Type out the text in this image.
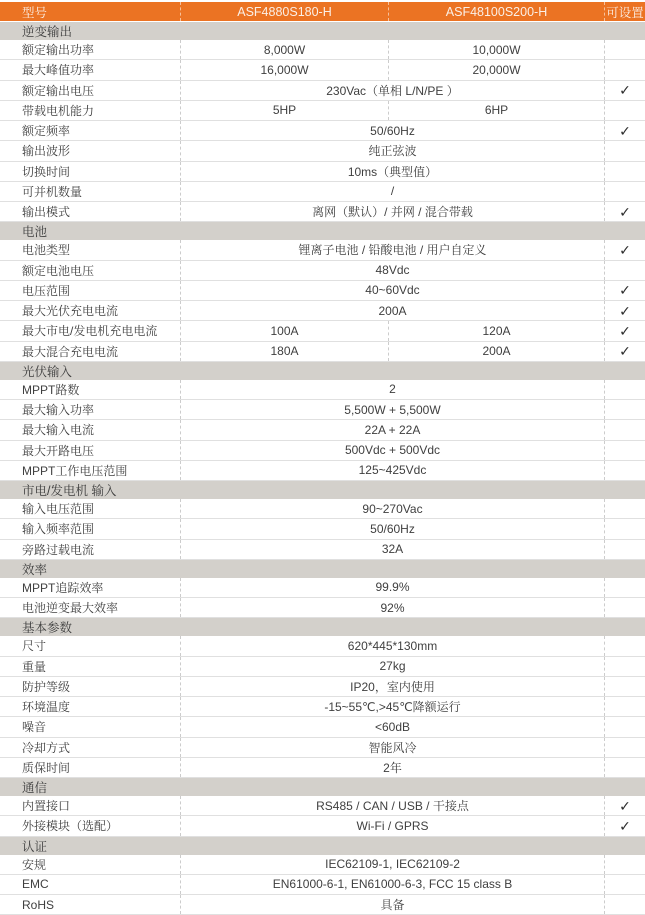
型号	ASF4880S180-H	ASF48100S200-H	可设置
逆变输出
额定输出功率	8,000W	10,000W
最大峰值功率	16,000W	20,000W
额定输出电压	230Vac（单相 L/N/PE ）	✓
带载电机能力	5HP	6HP
额定频率	50/60Hz	✓
输出波形	纯正弦波
切换时间	10ms（典型值）
可并机数量	/
输出模式	离网（默认）/ 并网 / 混合带载	✓
电池
电池类型	锂离子电池 / 铅酸电池 / 用户自定义	✓
额定电池电压	48Vdc
电压范围	40~60Vdc	✓
最大光伏充电电流	200A	✓
最大市电/发电机充电电流	100A	120A	✓
最大混合充电电流	180A	200A	✓
光伏输入
MPPT路数	2
最大输入功率	5,500W + 5,500W
最大输入电流	22A + 22A
最大开路电压	500Vdc + 500Vdc
MPPT工作电压范围	125~425Vdc
市电/发电机 输入
输入电压范围	90~270Vac
输入频率范围	50/60Hz
旁路过载电流	32A
效率
MPPT追踪效率	99.9%
电池逆变最大效率	92%
基本参数
尺寸	620*445*130mm
重量	27kg
防护等级	IP20，室内使用
环境温度	-15~55℃,>45℃降额运行
噪音	<60dB
冷却方式	智能风冷
质保时间	2年
通信
内置接口	RS485 / CAN / USB / 干接点	✓
外接模块（选配）	Wi-Fi / GPRS	✓
认证
安规	IEC62109-1, IEC62109-2
EMC	EN61000-6-1, EN61000-6-3, FCC 15 class B
RoHS	具备
